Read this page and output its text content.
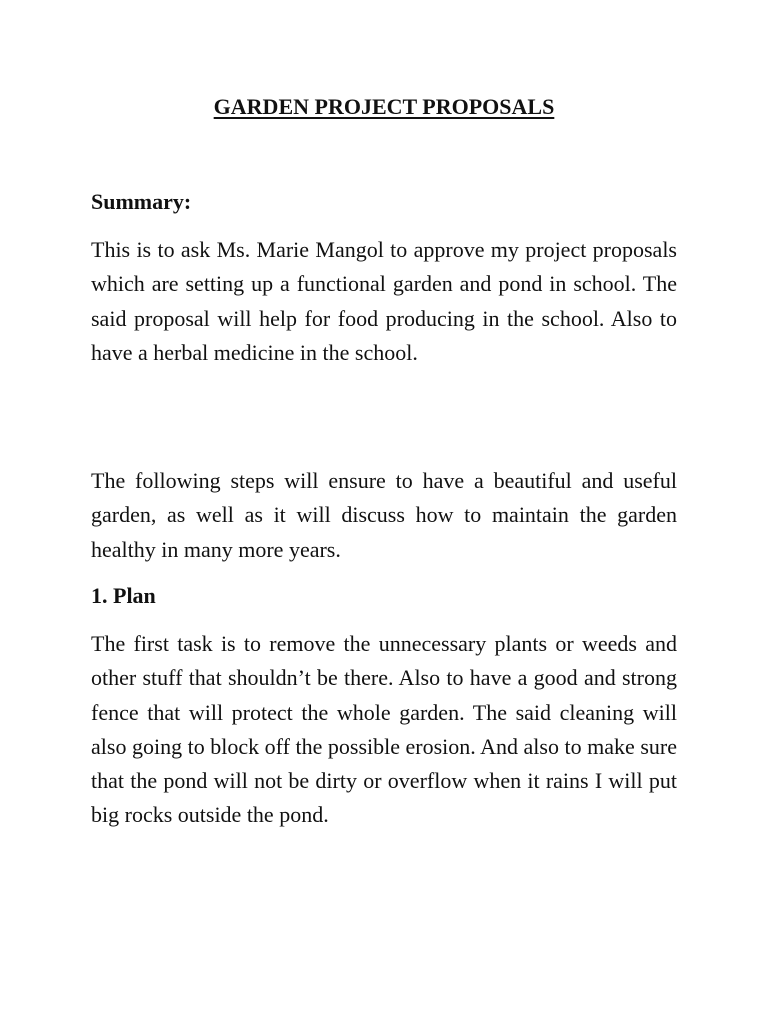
GARDEN PROJECT PROPOSALS
Summary:

This is to ask Ms. Marie Mangol to approve my project proposals which are setting up a functional garden and pond in school. The said proposal will help for food producing in the school. Also to have a herbal medicine in the school.

The following steps will ensure to have a beautiful and useful garden, as well as it will discuss how to maintain the garden healthy in many more years.

1. Plan

The first task is to remove the unnecessary plants or weeds and other stuff that shouldn’t be there. Also to have a good and strong fence that will protect the whole garden. The said cleaning will also going to block off the possible erosion. And also to make sure that the pond will not be dirty or overflow when it rains I will put big rocks outside the pond.
